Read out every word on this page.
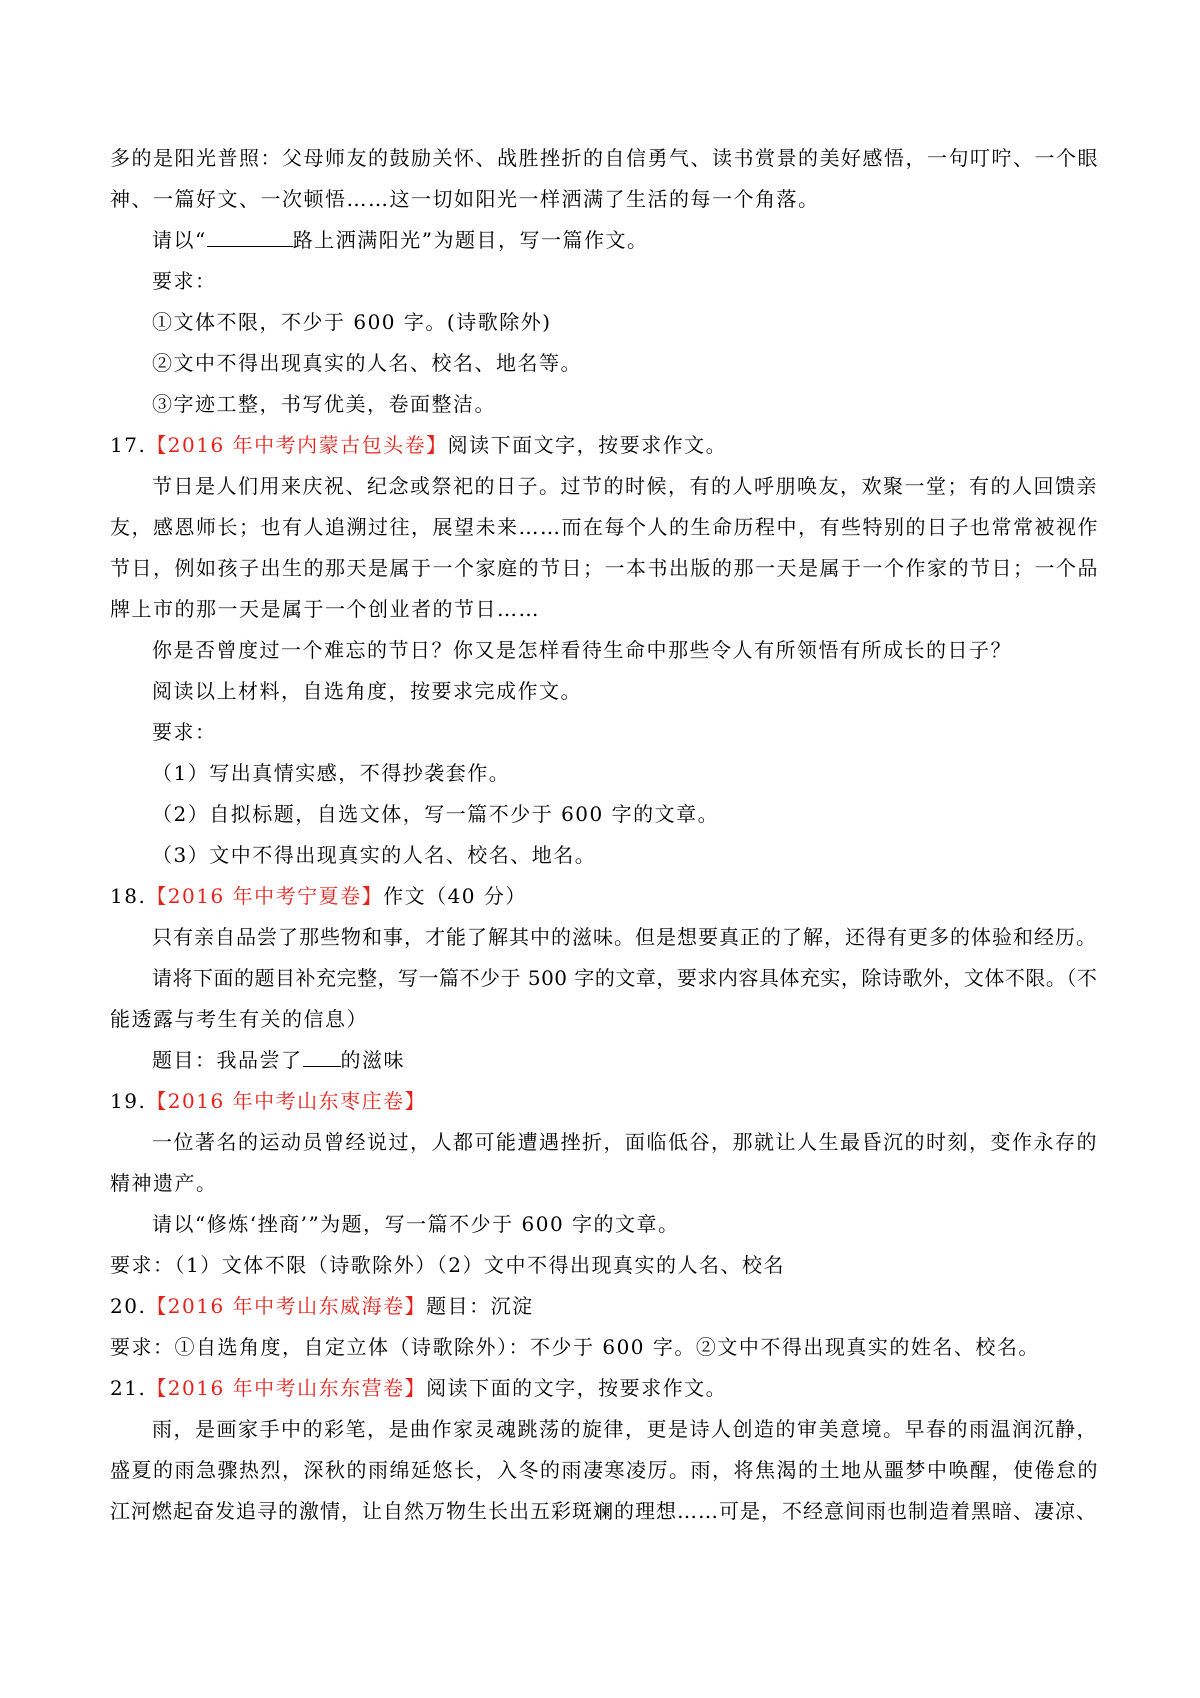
多的是阳光普照：父母师友的鼓励关怀、战胜挫折的自信勇气、读书赏景的美好感悟，一句叮咛、一个眼
神、一篇好文、一次顿悟……这一切如阳光一样洒满了生活的每一个角落。
请以“	路上洒满阳光”为题目，写一篇作文。
要求：
①文体不限，不少于 600 字。(诗歌除外)
②文中不得出现真实的人名、校名、地名等。
③字迹工整，书写优美，卷面整洁。
17.【2016 年中考内蒙古包头卷】阅读下面文字，按要求作文。
节日是人们用来庆祝、纪念或祭祀的日子。过节的时候，有的人呼朋唤友，欢聚一堂；有的人回馈亲
友，感恩师长；也有人追溯过往，展望未来……而在每个人的生命历程中，有些特别的日子也常常被视作
节日，例如孩子出生的那天是属于一个家庭的节日；一本书出版的那一天是属于一个作家的节日；一个品
牌上市的那一天是属于一个创业者的节日……
你是否曾度过一个难忘的节日？你又是怎样看待生命中那些令人有所领悟有所成长的日子？
阅读以上材料，自选角度，按要求完成作文。
要求：
（1）写出真情实感，不得抄袭套作。
（2）自拟标题，自选文体，写一篇不少于 600 字的文章。
（3）文中不得出现真实的人名、校名、地名。
18.【2016 年中考宁夏卷】作文（40 分）
只有亲自品尝了那些物和事，才能了解其中的滋味。但是想要真正的了解，还得有更多的体验和经历。
请将下面的题目补充完整，写一篇不少于 500 字的文章，要求内容具体充实，除诗歌外，文体不限。（不
能透露与考生有关的信息）
题目：我品尝了 的滋味
19.【2016 年中考山东枣庄卷】
一位著名的运动员曾经说过，人都可能遭遇挫折，面临低谷，那就让人生最昏沉的时刻，变作永存的
精神遗产。
请以“修炼‘挫商’”为题，写一篇不少于 600 字的文章。
要求：（1）文体不限（诗歌除外）（2）文中不得出现真实的人名、校名
20.【2016 年中考山东威海卷】题目：沉淀
要求：①自选角度，自定立体（诗歌除外）：不少于 600 字。②文中不得出现真实的姓名、校名。
21.【2016 年中考山东东营卷】阅读下面的文字，按要求作文。
雨，是画家手中的彩笔，是曲作家灵魂跳荡的旋律，更是诗人创造的审美意境。早春的雨温润沉静，
盛夏的雨急骤热烈，深秋的雨绵延悠长，入冬的雨凄寒凌厉。雨，将焦渴的土地从噩梦中唤醒，使倦怠的
江河燃起奋发追寻的激情，让自然万物生长出五彩斑斓的理想……可是，不经意间雨也制造着黑暗、凄凉、
